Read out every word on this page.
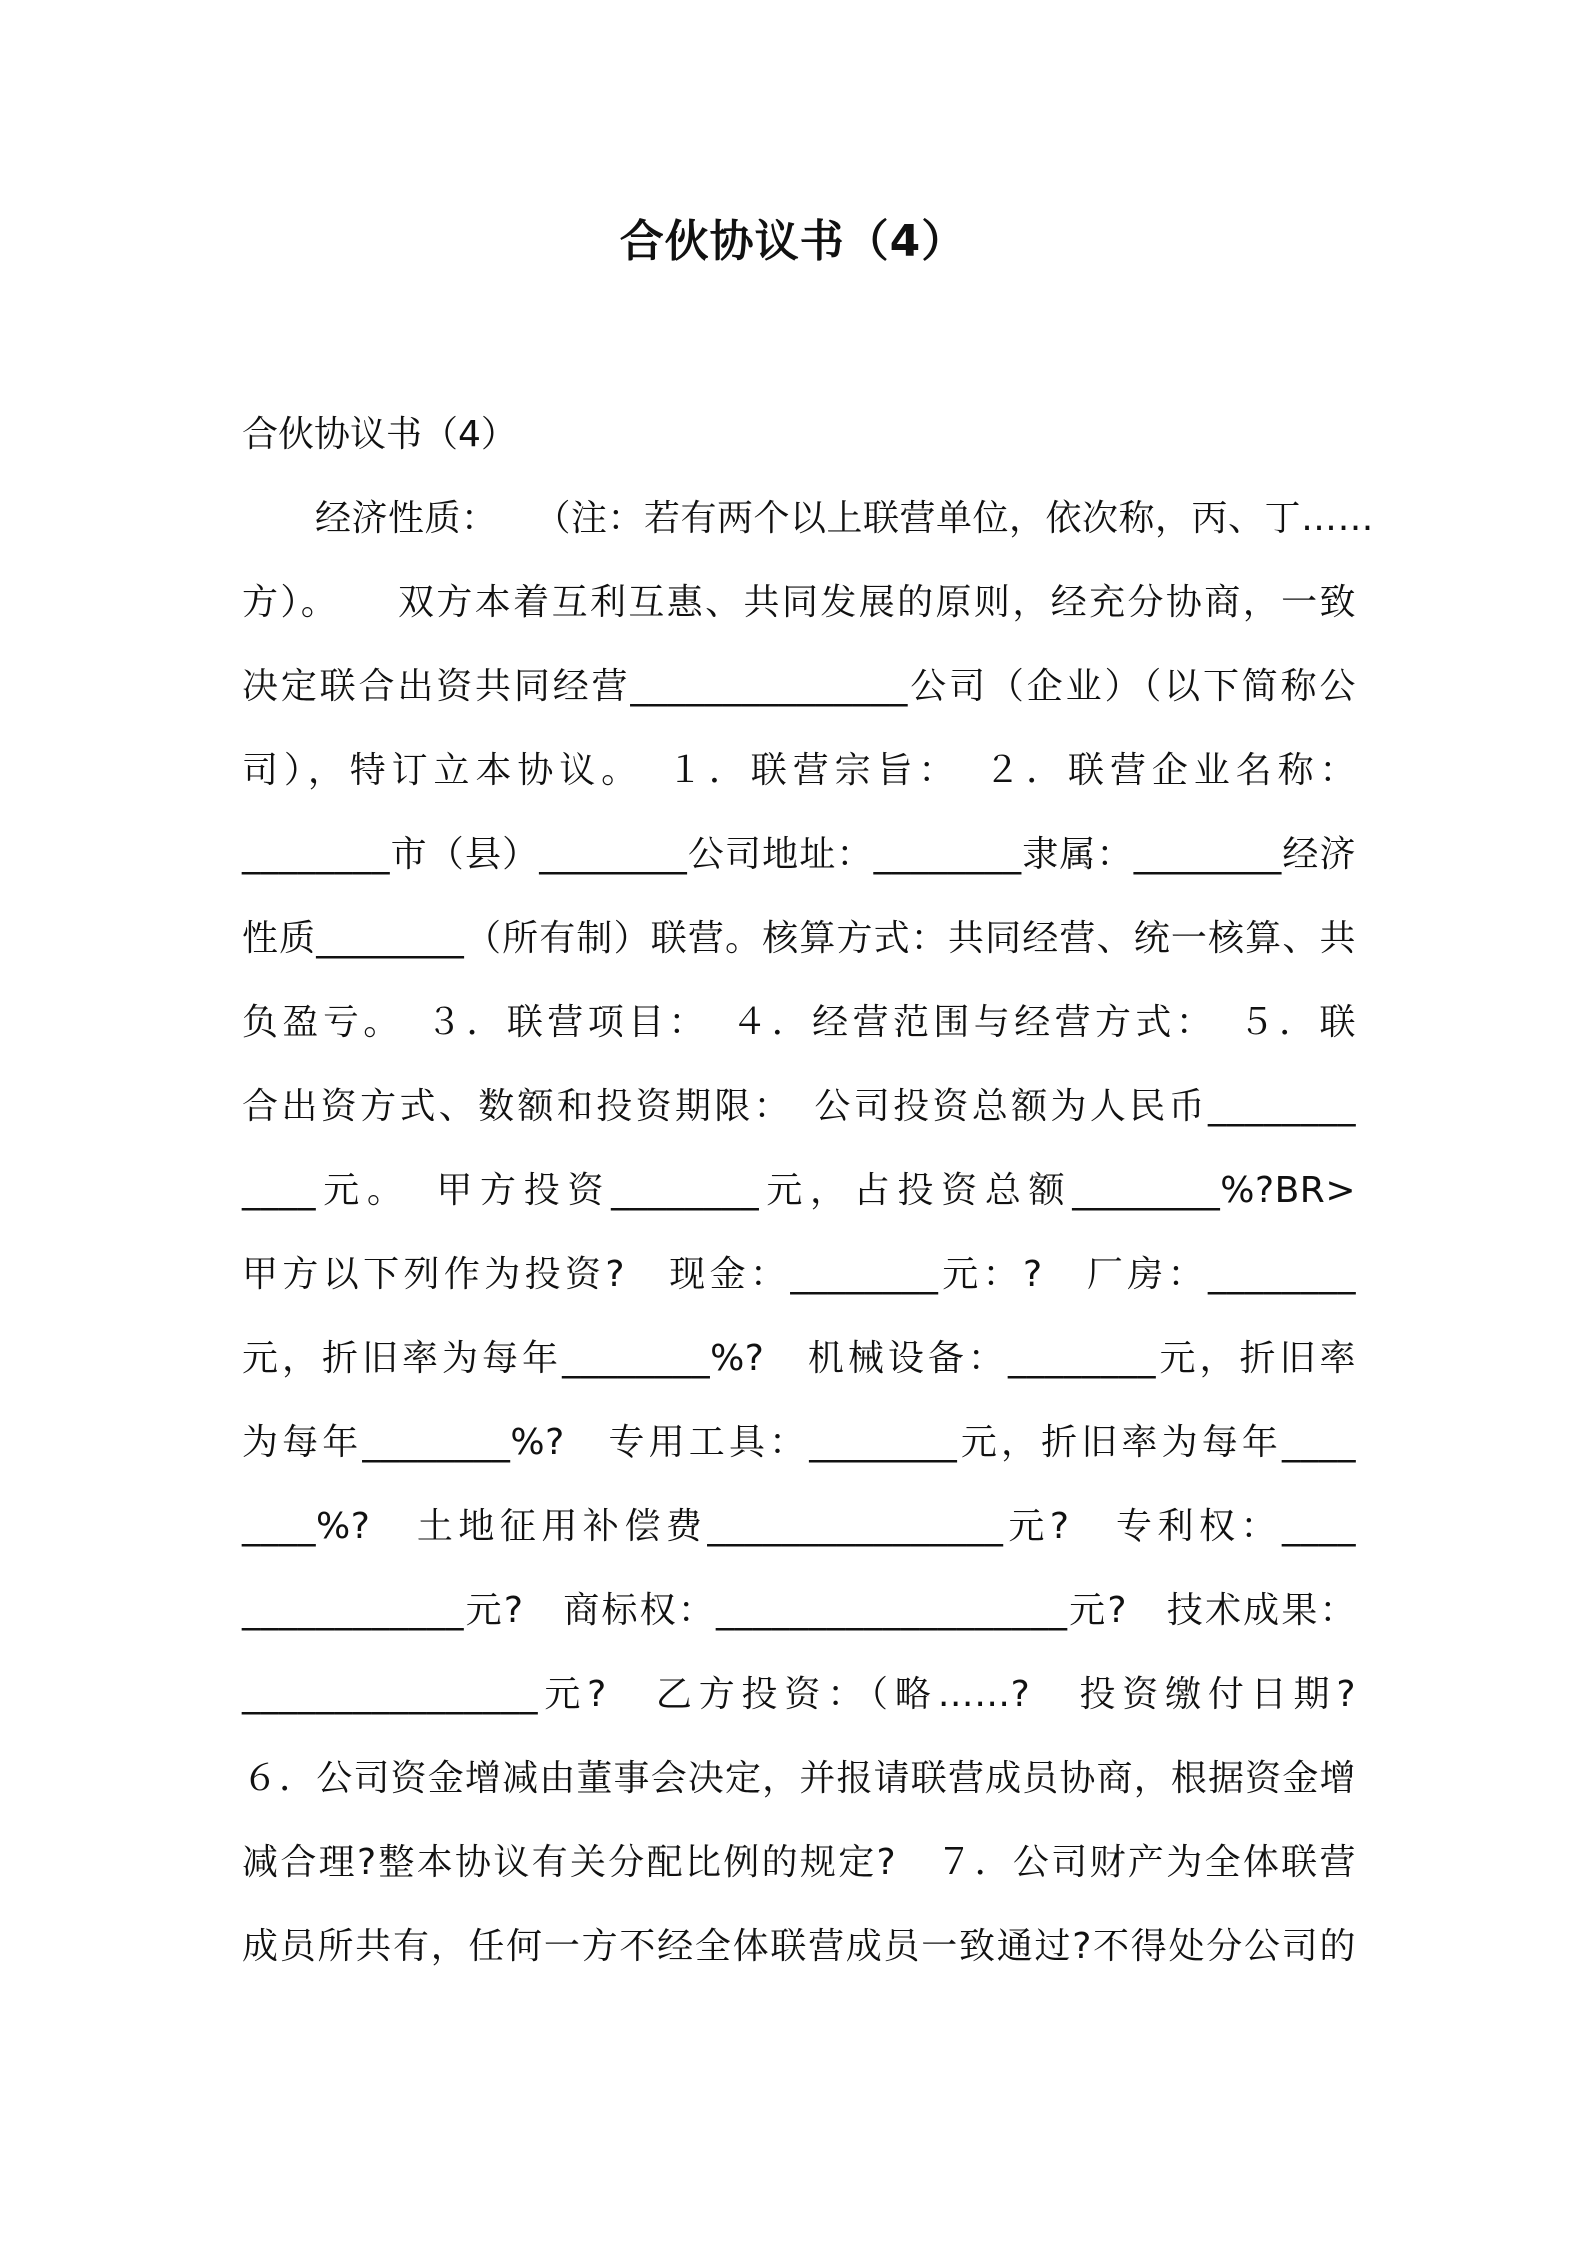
合伙协议书（4）

合伙协议书（4）

　　经济性质：　　（注：若有两个以上联营单位，依次称，丙、丁……

方）。　　双方本着互利互惠、共同发展的原则，经充分协商，一致

决定联合出资共同经营_______________公司（企业）（以下简称公

司），特订立本协议。　１．联营宗旨：　２．联营企业名称：

________市（县）________公司地址：________隶属：________经济

性质________（所有制）联营。核算方式：共同经营、统一核算、共

负盈亏。　３．联营项目：　４．经营范围与经营方式：　５．联

合出资方式、数额和投资期限：　公司投资总额为人民币________

____元。　甲方投资________元，占投资总额________%?BR>

甲方以下列作为投资?　现金：________元：?　厂房：________

元，折旧率为每年________%?　机械设备：________元，折旧率

为每年________%?　专用工具：________元，折旧率为每年____

____%?　土地征用补偿费________________元?　专利权：____

____________元?　商标权：___________________元?　技术成果：

________________元?　乙方投资：（略……?　投资缴付日期?

６．公司资金增减由董事会决定，并报请联营成员协商，根据资金增

减合理?整本协议有关分配比例的规定?　７．公司财产为全体联营

成员所共有，任何一方不经全体联营成员一致通过?不得处分公司的
